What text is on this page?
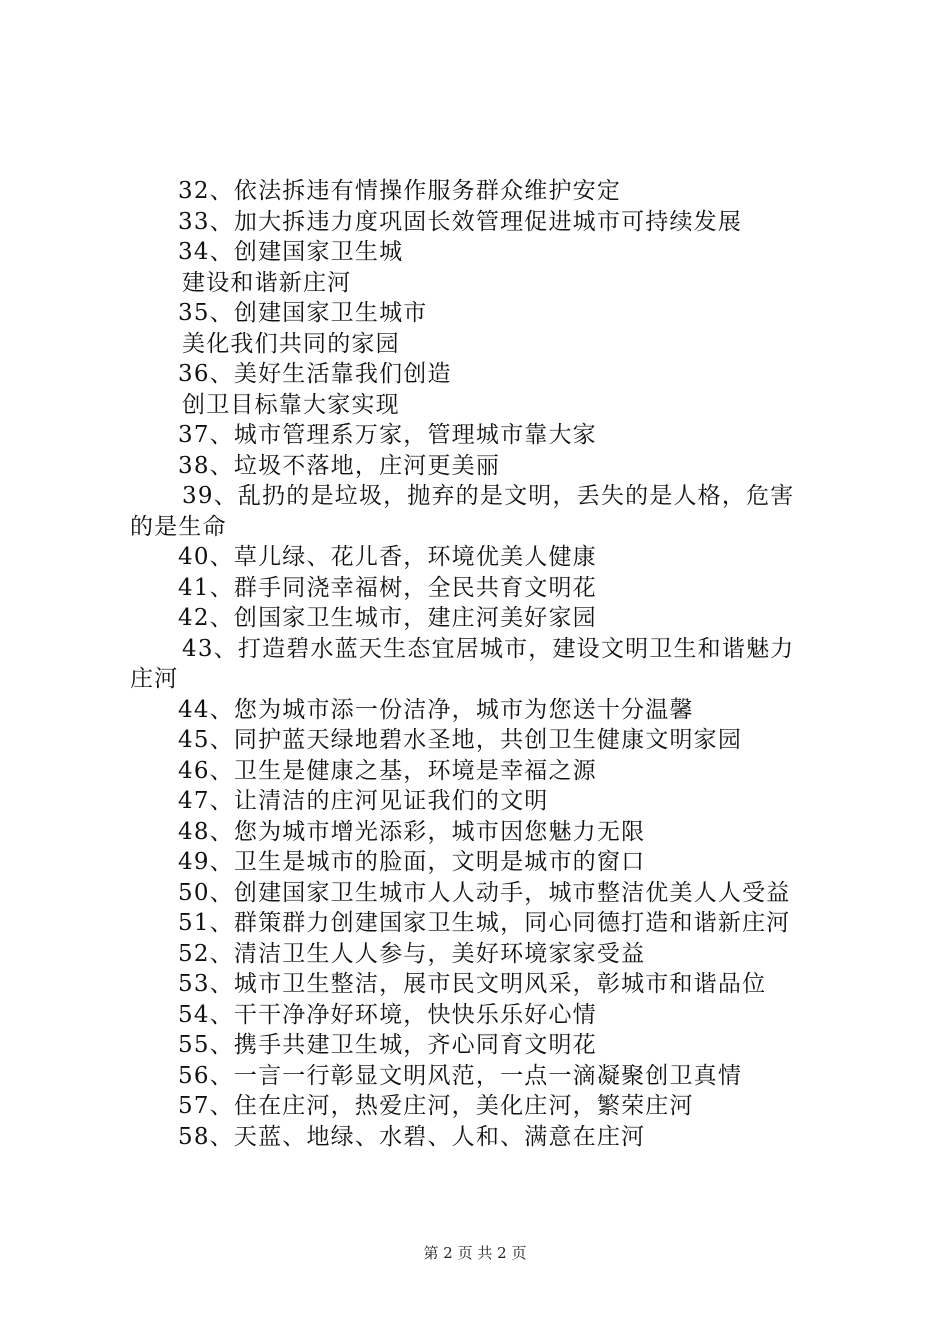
32、依法拆违有情操作服务群众维护安定
33、加大拆违力度巩固长效管理促进城市可持续发展
34、创建国家卫生城
建设和谐新庄河
35、创建国家卫生城市
美化我们共同的家园
36、美好生活靠我们创造
创卫目标靠大家实现
37、城市管理系万家，管理城市靠大家
38、垃圾不落地，庄河更美丽
39、乱扔的是垃圾，抛弃的是文明，丢失的是人格，危害
的是生命
40、草儿绿、花儿香，环境优美人健康
41、群手同浇幸福树，全民共育文明花
42、创国家卫生城市，建庄河美好家园
43、打造碧水蓝天生态宜居城市，建设文明卫生和谐魅力
庄河
44、您为城市添一份洁净，城市为您送十分温馨
45、同护蓝天绿地碧水圣地，共创卫生健康文明家园
46、卫生是健康之基，环境是幸福之源
47、让清洁的庄河见证我们的文明
48、您为城市增光添彩，城市因您魅力无限
49、卫生是城市的脸面，文明是城市的窗口
50、创建国家卫生城市人人动手，城市整洁优美人人受益
51、群策群力创建国家卫生城，同心同德打造和谐新庄河
52、清洁卫生人人参与，美好环境家家受益
53、城市卫生整洁，展市民文明风采，彰城市和谐品位
54、干干净净好环境，快快乐乐好心情
55、携手共建卫生城，齐心同育文明花
56、一言一行彰显文明风范，一点一滴凝聚创卫真情
57、住在庄河，热爱庄河，美化庄河，繁荣庄河
58、天蓝、地绿、水碧、人和、满意在庄河
第 2 页 共 2 页
